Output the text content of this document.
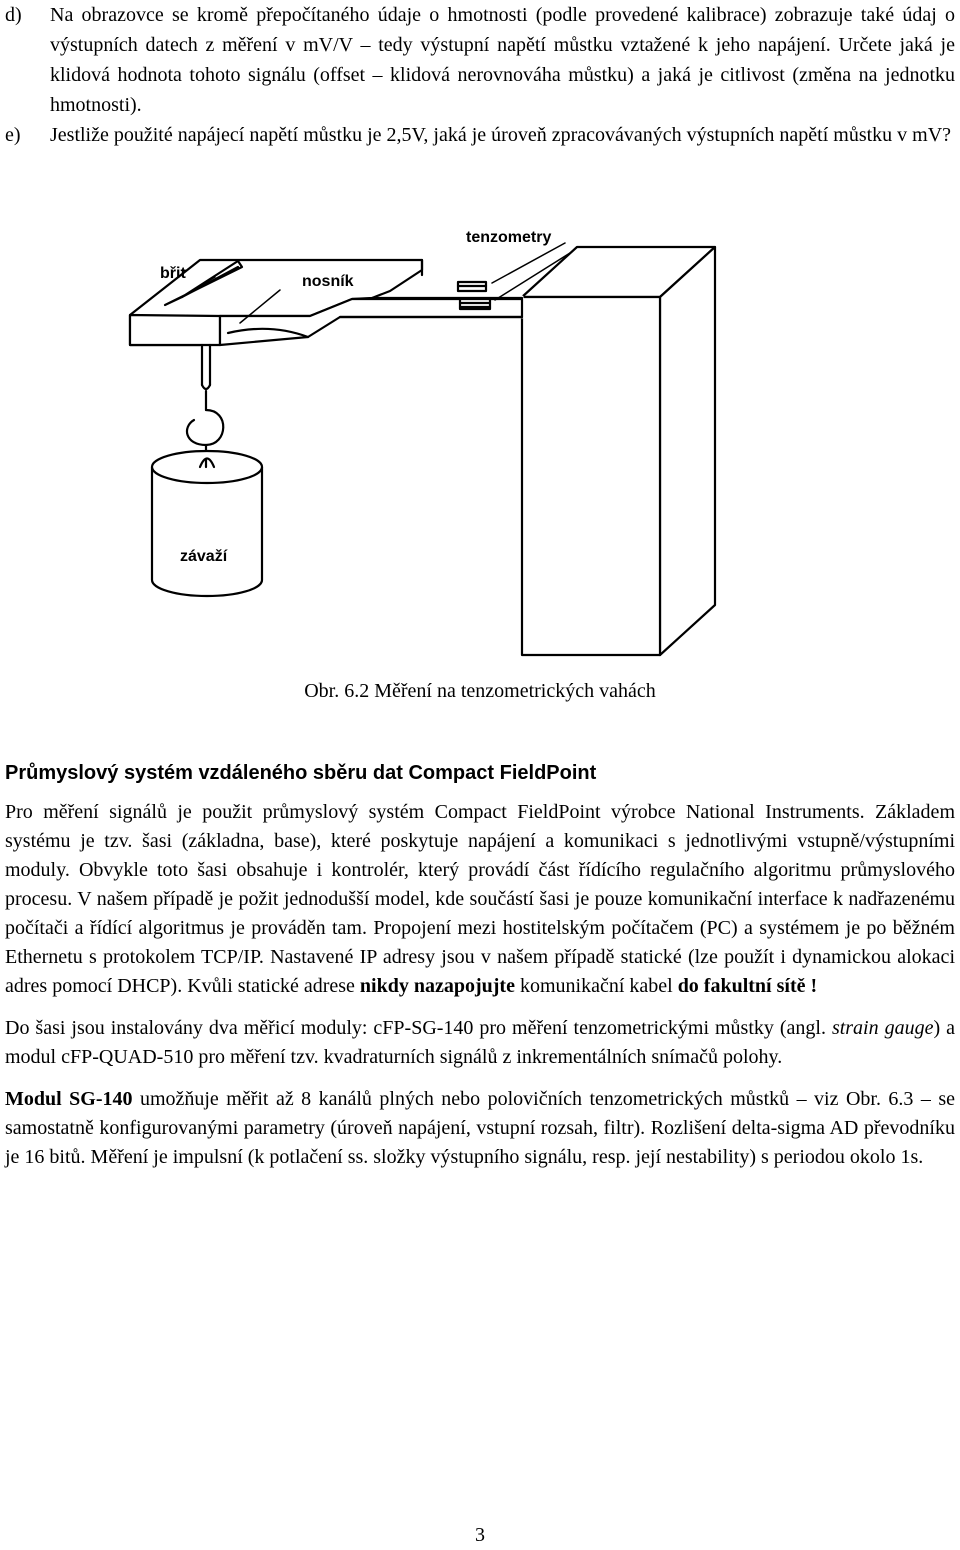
d) Na obrazovce se kromě přepočítaného údaje o hmotnosti (podle provedené kalibrace) zobrazuje také údaj o výstupních datech z měření v mV/V – tedy výstupní napětí můstku vztažené k jeho napájení. Určete jaká je klidová hodnota tohoto signálu (offset – klidová nerovnováha můstku) a jaká je citlivost (změna na jednotku hmotnosti).
e) Jestliže použité napájecí napětí můstku je 2,5V, jaká je úroveň zpracovávaných výstupních napětí můstku v mV?
břit	nosník
tenzometry
závaží
Obr. 6.2 Měření na tenzometrických vahách
Průmyslový systém vzdáleného sběru dat Compact FieldPoint

Pro měření signálů je použit průmyslový systém Compact FieldPoint výrobce National Instruments. Základem systému je tzv. šasi (základna, base), které poskytuje napájení a komunikaci s jednotlivými vstupně/výstupními moduly. Obvykle toto šasi obsahuje i kontrolér, který provádí část řídícího regulačního algoritmu průmyslového procesu. V našem případě je požit jednodušší model, kde součástí šasi je pouze komunikační interface k nadřazenému počítači a řídící algoritmus je prováděn tam. Propojení mezi hostitelským počítačem (PC) a systémem je po běžném Ethernetu s protokolem TCP/IP. Nastavené IP adresy jsou v našem případě statické (lze použít i dynamickou alokaci adres pomocí DHCP). Kvůli statické adrese nikdy nazapojujte komunikační kabel do fakultní sítě !

Do šasi jsou instalovány dva měřicí moduly: cFP-SG-140 pro měření tenzometrickými můstky (angl. strain gauge) a modul cFP-QUAD-510 pro měření tzv. kvadraturních signálů z inkrementálních snímačů polohy.

Modul SG-140 umožňuje měřit až 8 kanálů plných nebo polovičních tenzometrických můstků – viz Obr. 6.3 – se samostatně konfigurovanými parametry (úroveň napájení, vstupní rozsah, filtr). Rozlišení delta-sigma AD převodníku je 16 bitů. Měření je impulsní (k potlačení ss. složky výstupního signálu, resp. její nestability) s periodou okolo 1s.

3
